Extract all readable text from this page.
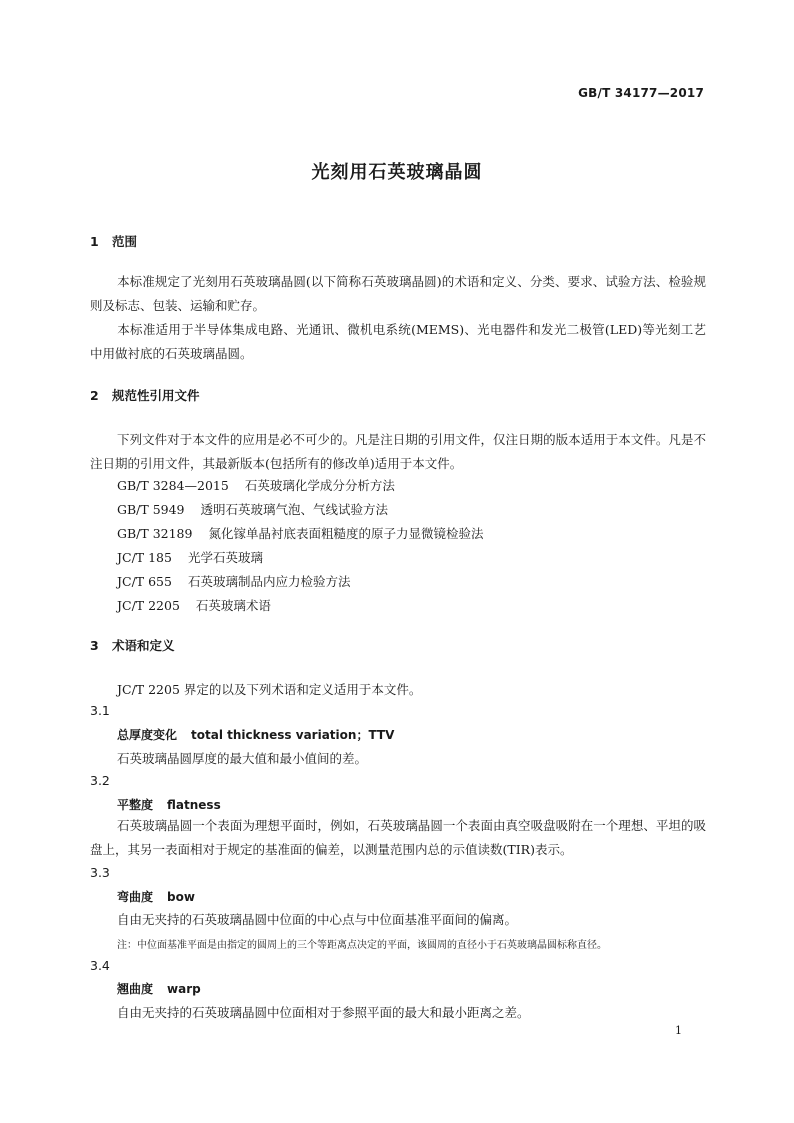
GB/T 34177—2017

光刻用石英玻璃晶圆
1 范围

本标准规定了光刻用石英玻璃晶圆(以下简称石英玻璃晶圆)的术语和定义、分类、要求、试验方法、检验规则及标志、包装、运输和贮存。

本标准适用于半导体集成电路、光通讯、微机电系统(MEMS)、光电器件和发光二极管(LED)等光刻工艺中用做衬底的石英玻璃晶圆。

2 规范性引用文件

下列文件对于本文件的应用是必不可少的。凡是注日期的引用文件，仅注日期的版本适用于本文件。凡是不注日期的引用文件，其最新版本(包括所有的修改单)适用于本文件。

GB/T 3284—2015 石英玻璃化学成分分析方法
GB/T 5949 透明石英玻璃气泡、气线试验方法
GB/T 32189 氮化镓单晶衬底表面粗糙度的原子力显微镜检验法
JC/T 185 光学石英玻璃
JC/T 655 石英玻璃制品内应力检验方法
JC/T 2205 石英玻璃术语
3 术语和定义
JC/T 2205 界定的以及下列术语和定义适用于本文件。
3.1
总厚度变化 total thickness variation；TTV
石英玻璃晶圆厚度的最大值和最小值间的差。
3.2
平整度 flatness

石英玻璃晶圆一个表面为理想平面时，例如，石英玻璃晶圆一个表面由真空吸盘吸附在一个理想、平坦的吸盘上，其另一表面相对于规定的基准面的偏差，以测量范围内总的示值读数(TIR)表示。

3.3
弯曲度 bow
自由无夹持的石英玻璃晶圆中位面的中心点与中位面基准平面间的偏离。
注：中位面基准平面是由指定的圆周上的三个等距离点决定的平面，该圆周的直径小于石英玻璃晶圆标称直径。
3.4
翘曲度 warp
自由无夹持的石英玻璃晶圆中位面相对于参照平面的最大和最小距离之差。
1
